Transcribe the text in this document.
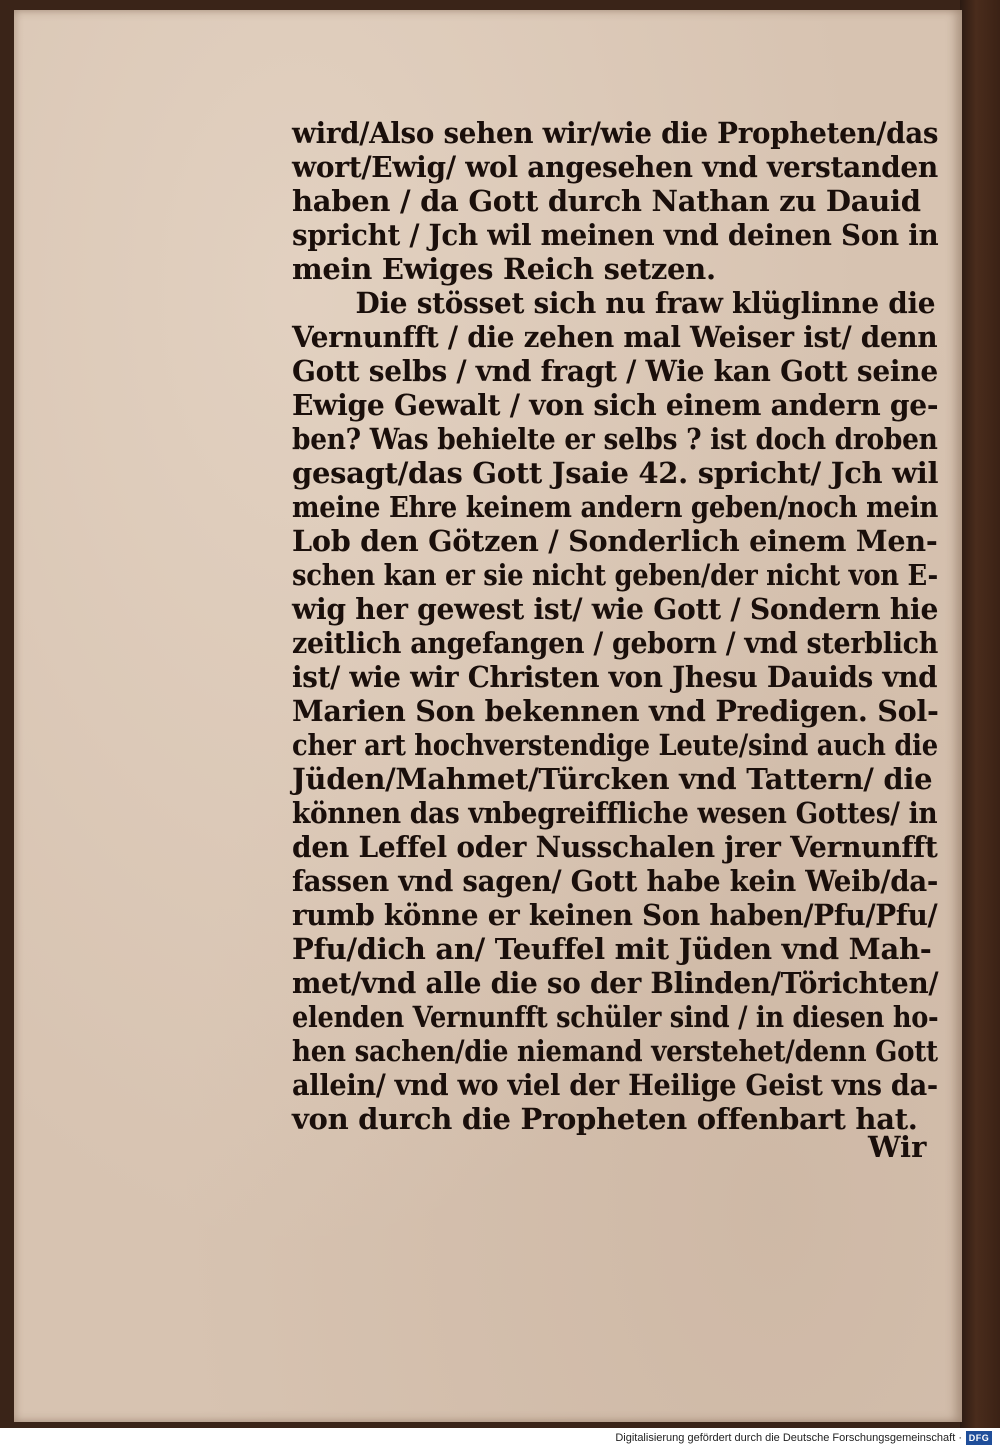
wird/Also sehen wir/wie die Propheten/das
wort/Ewig/ wol angesehen vnd verstanden
haben / da Gott durch Nathan zu Dauid
spricht / Jch wil meinen vnd deinen Son in
mein Ewiges Reich setzen.
Die stösset sich nu fraw klüglinne die
Vernunfft / die zehen mal Weiser ist/ denn
Gott selbs / vnd fragt / Wie kan Gott seine
Ewige Gewalt / von sich einem andern ge-
ben? Was behielte er selbs ? ist doch droben
gesagt/das Gott Jsaie 42. spricht/ Jch wil
meine Ehre keinem andern geben/noch mein
Lob den Götzen / Sonderlich einem Men-
schen kan er sie nicht geben/der nicht von E-
wig her gewest ist/ wie Gott / Sondern hie
zeitlich angefangen / geborn / vnd sterblich
ist/ wie wir Christen von Jhesu Dauids vnd
Marien Son bekennen vnd Predigen. Sol-
cher art hochverstendige Leute/sind auch die
Jüden/Mahmet/Türcken vnd Tattern/ die
können das vnbegreiffliche wesen Gottes/ in
den Leffel oder Nusschalen jrer Vernunfft
fassen vnd sagen/ Gott habe kein Weib/da-
rumb könne er keinen Son haben/Pfu/Pfu/
Pfu/dich an/ Teuffel mit Jüden vnd Mah-
met/vnd alle die so der Blinden/Törichten/
elenden Vernunfft schüler sind / in diesen ho-
hen sachen/die niemand verstehet/denn Gott
allein/ vnd wo viel der Heilige Geist vns da-
von durch die Propheten offenbart hat.
Wir
Digitalisierung gefördert durch die Deutsche Forschungsgemeinschaft · DFG
